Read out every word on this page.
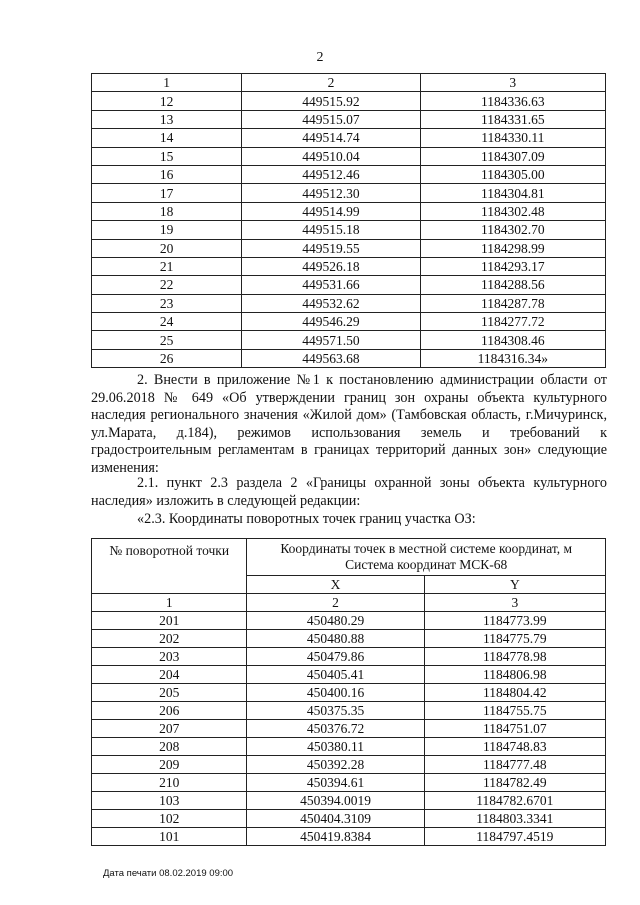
2
1	2	3
12	449515.92	1184336.63
13	449515.07	1184331.65
14	449514.74	1184330.11
15	449510.04	1184307.09
16	449512.46	1184305.00
17	449512.30	1184304.81
18	449514.99	1184302.48
19	449515.18	1184302.70
20	449519.55	1184298.99
21	449526.18	1184293.17
22	449531.66	1184288.56
23	449532.62	1184287.78
24	449546.29	1184277.72
25	449571.50	1184308.46
26	449563.68	1184316.34»
2. Внести в приложение №1 к постановлению администрации области от 29.06.2018 № 649 «Об утверждении границ зон охраны объекта культурного наследия регионального значения «Жилой дом» (Тамбовская область, г.Мичуринск, ул.Марата, д.184), режимов использования земель и требований к градостроительным регламентам в границах территорий данных зон» следующие изменения:
2.1. пункт 2.3 раздела 2 «Границы охранной зоны объекта культурного наследия» изложить в следующей редакции:
«2.3. Координаты поворотных точек границ участка ОЗ:
№ поворотной точки	Координаты точек в местной системе координат, м
Система координат МСК-68	

	X	Y
1	2	3
201	450480.29	1184773.99
202	450480.88	1184775.79
203	450479.86	1184778.98
204	450405.41	1184806.98
205	450400.16	1184804.42
206	450375.35	1184755.75
207	450376.72	1184751.07
208	450380.11	1184748.83
209	450392.28	1184777.48
210	450394.61	1184782.49
103	450394.0019	1184782.6701
102	450404.3109	1184803.3341
101	450419.8384	1184797.4519
Дата печати 08.02.2019 09:00
